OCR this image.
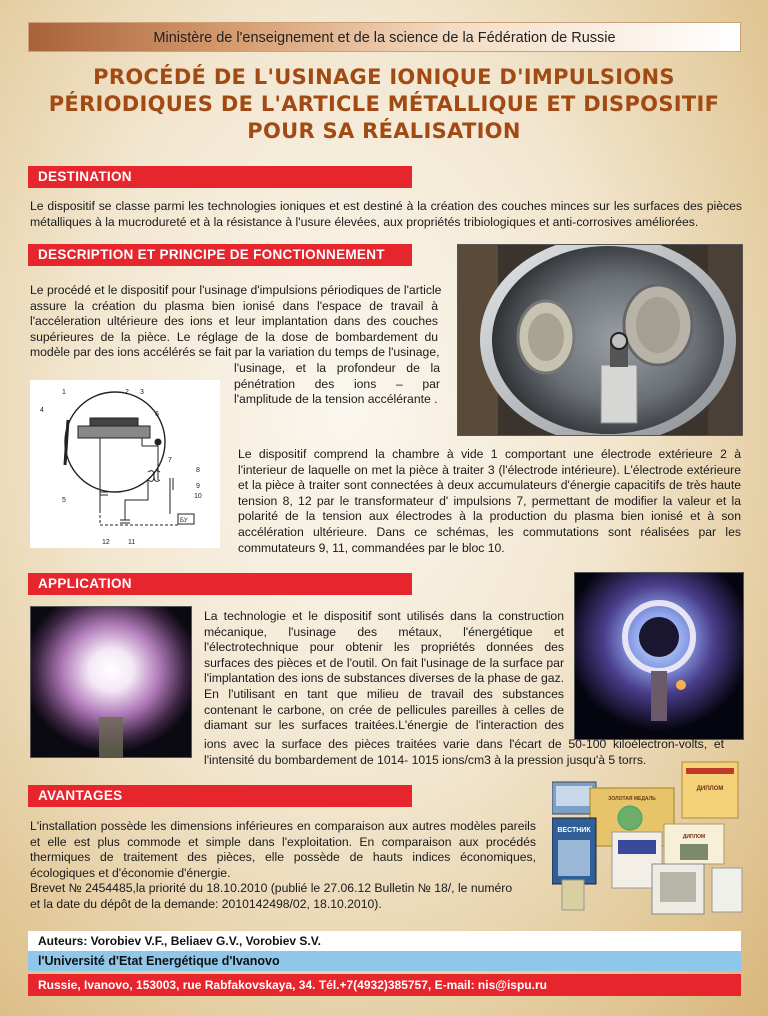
Ministère de l'enseignement et de la science de la Fédération de Russie
PROCÉDÉ DE L'USINAGE IONIQUE D'IMPULSIONS
PÉRIODIQUES DE L'ARTICLE MÉTALLIQUE ET DISPOSITIF
POUR SA RÉALISATION
DESTINATION
Le dispositif se classe parmi les technologies ioniques et est destiné à la création des couches minces sur les surfaces des pièces métalliques à la mucrodureté et à la résistance à l'usure élevées, aux propriétés tribiologiques et anti-corrosives améliorées.
DESCRIPTION ET PRINCIPE DE FONCTIONNEMENT
Le procédé et le dispositif pour l'usinage d'impulsions périodiques de l'article
assure la création du plasma bien ionisé dans l'espace de travail à
l'accéleration ultérieure des ions et leur implantation dans des couches
supérieures de la pièce. Le réglage de la dose de bombardement du
modèle par des ions accélérés se fait par la variation du temps de l'usinage,
l'usinage, et la profondeur de la
pénétration des ions – par
l'amplitude de la tension accélérante .
1	2 3
4
5
6
7
8
9
10
11
12
БУ
Le dispositif comprend la chambre à vide 1 comportant une électrode extérieure 2 à
l'interieur de laquelle on met la pièce à traiter 3 (l'électrode intérieure). L'électrode extérieure
et la pièce à traiter sont connectées à deux accumulateurs d'énergie capacitifs de très haute
tension 8, 12 par le transformateur d' impulsions 7, permettant de modifier la valeur et la
polarité de la tension aux électrodes à la production du plasma bien ionisé et à son
accélération ultérieure. Dans ce schémas, les commutations sont réalisées par les
commutateurs 9, 11, commandées par le bloc 10.
APPLICATION
La technologie et le dispositif sont utilisés dans la construction
mécanique, l'usinage des métaux, l'énergétique et
l'électrotechnique pour obtenir les propriétés données des
surfaces des pièces et de l'outil. On fait l'usinage de la surface par
l'implantation des ions de substances diverses de la phase de gaz.
En l'utilisant en tant que milieu de travail des substances
contenant le carbone, on crée de pellicules pareilles à celles de
diamant sur les surfaces traitées.L'énergie de l'interaction des
ions avec la surface des pièces traitées varie dans l'écart de 50-100 kiloélectron-volts, et
l'intensité du bombardement de 1014- 1015 ions/cm3 à la pression jusqu'à 5 torrs.
AVANTAGES
L'installation possède les dimensions inférieures en comparaison aux autres modèles pareils
et elle est plus commode et simple dans l'exploitation. En comparaison aux procédés
thermiques de traitement des pièces, elle possède de hauts indices économiques,
écologiques et d'économie d'énergie.
Brevet № 2454485,la priorité du 18.10.2010 (publié le 27.06.12 Bulletin № 18/, le numéro
et la date du dépôt de la demande: 2010142498/02, 18.10.2010).
ДИПЛОМ
ЗОЛОТАЯ МЕДАЛЬ
ВЕСТНИК
ДИПЛОМ
Auteurs: Vorobiev V.F., Beliaev G.V., Vorobiev S.V.
l'Université d'Etat Energétique d'Ivanovo
Russie, Ivanovo, 153003, rue Rabfakovskaya, 34. Tél.+7(4932)385757, E-mail: nis@ispu.ru
